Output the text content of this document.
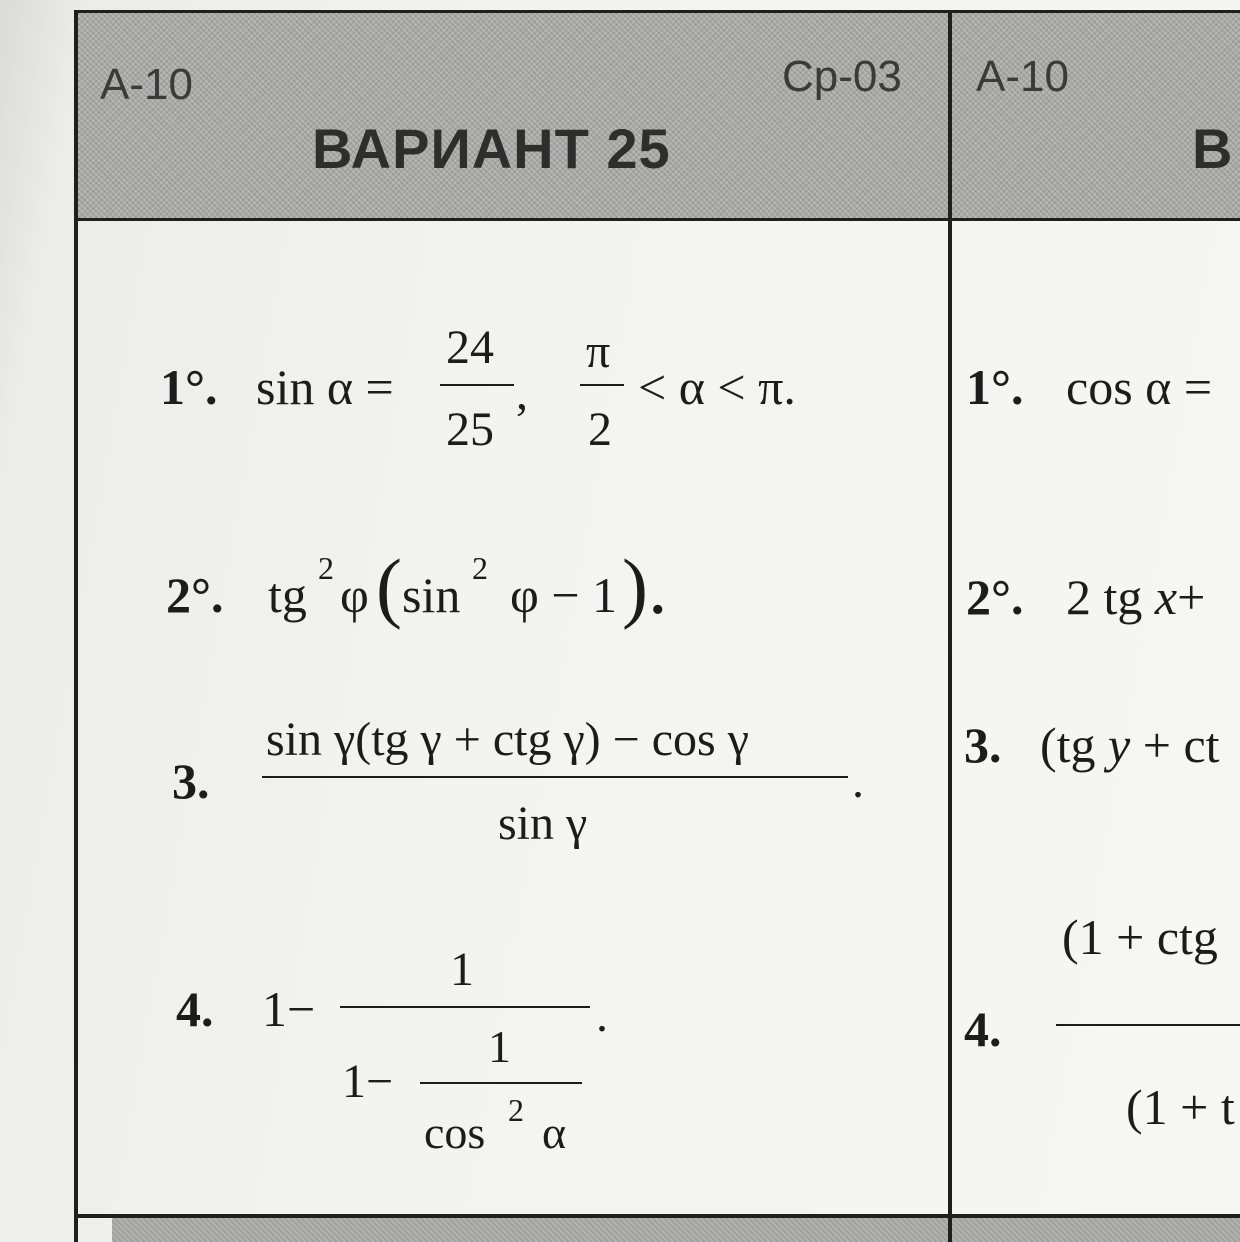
А-10	Ср-03 А-10
ВАРИАНТ 25	В
1°. sin α =
24
25
,
π
2
< α < π.
2°. tg 2 φ ( sin 2 φ − 1 ).
3.
sin γ(tg γ + ctg γ) − cos γ
sin γ
.
4. 1−
1
.
1−
1
cos 2 α
1°. cos α =
2°. 2 tg x+
3. (tg y + ct
4.
(1 + ctg
(1 + t
